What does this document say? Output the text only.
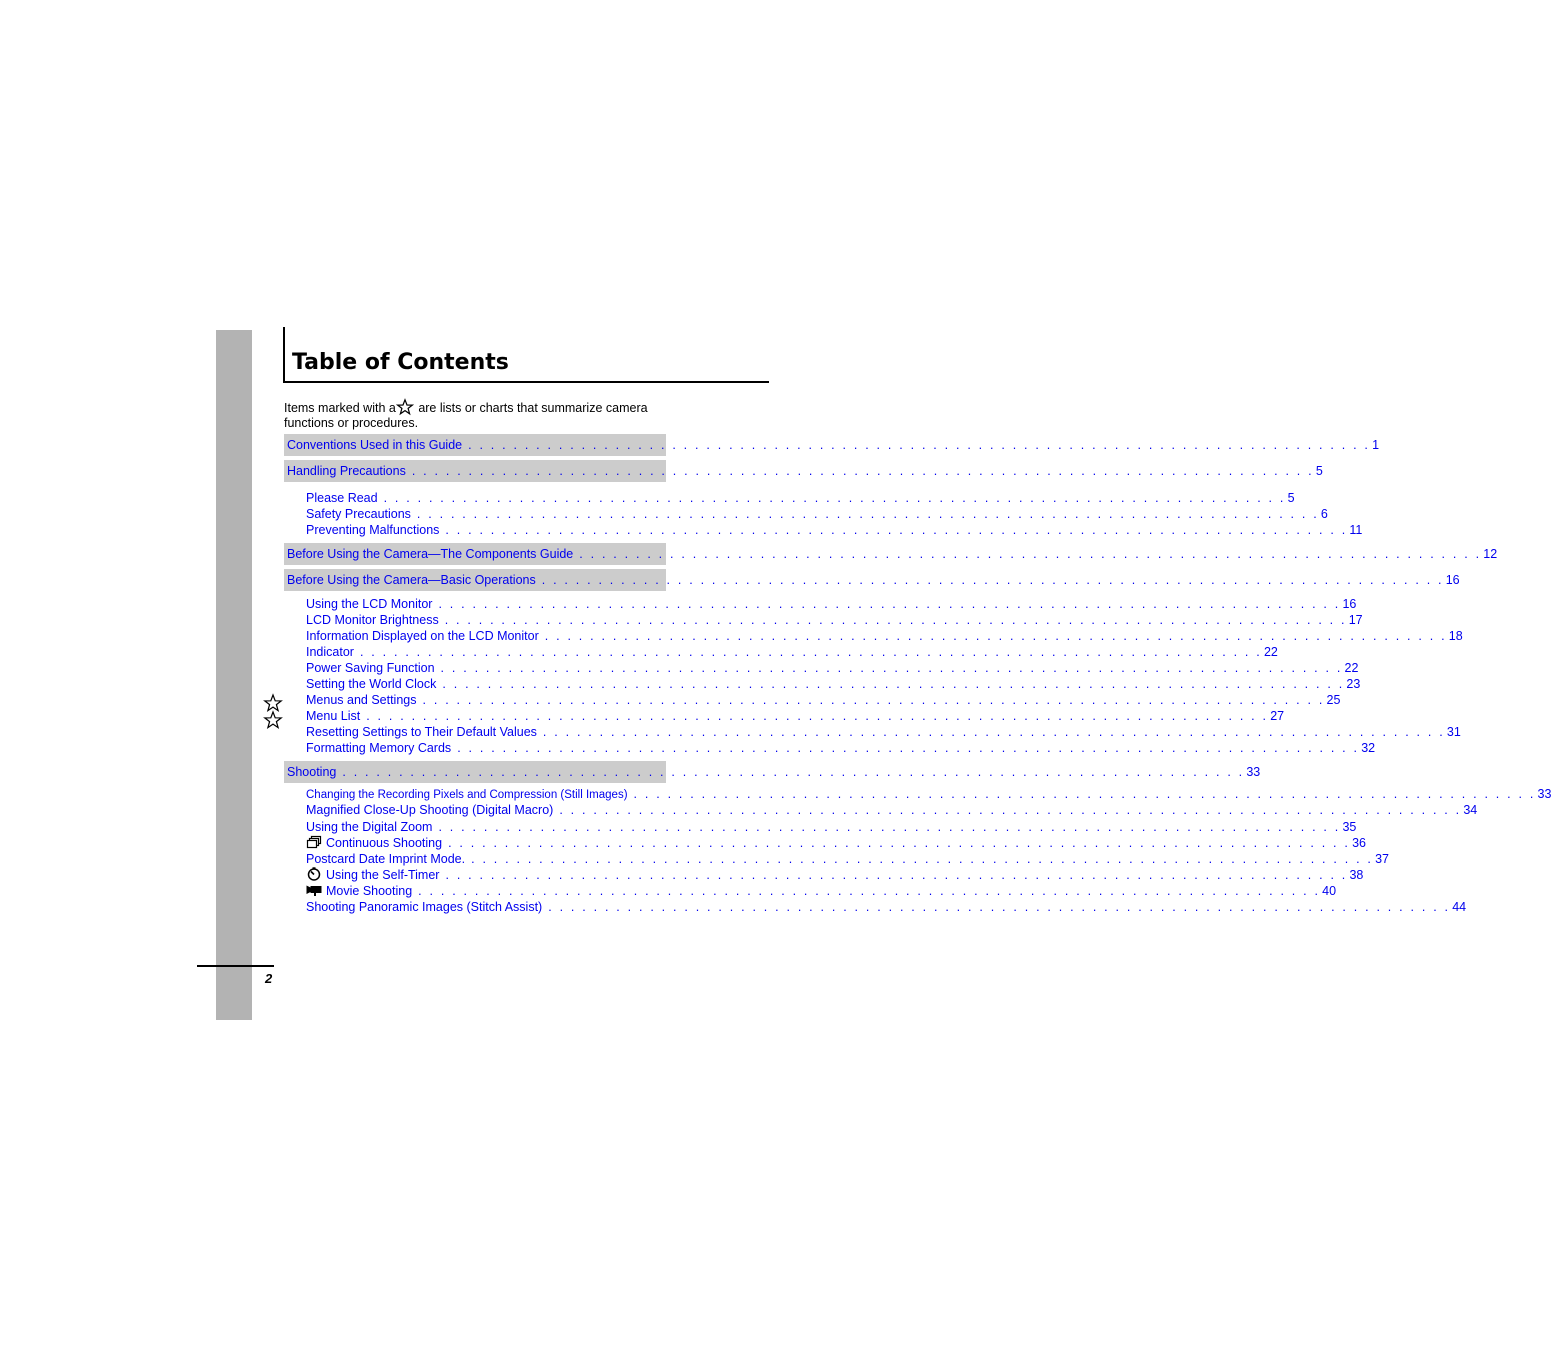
Table of Contents
Items marked with a are lists or charts that summarize camera functions or procedures.
Conventions Used in this Guide . . . . . . . . . . . . . . . . . . . . . . . . . . . . . . . . . . . . . . . . . . . . . . . . . . . . . . . . . . . . . . . . . . . . . . . . . . . . . . . . 1
Handling Precautions . . . . . . . . . . . . . . . . . . . . . . . . . . . . . . . . . . . . . . . . . . . . . . . . . . . . . . . . . . . . . . . . . . . . . . . . . . . . . . . . 5
Please Read . . . . . . . . . . . . . . . . . . . . . . . . . . . . . . . . . . . . . . . . . . . . . . . . . . . . . . . . . . . . . . . . . . . . . . . . . . . . . . . . 5
Safety Precautions . . . . . . . . . . . . . . . . . . . . . . . . . . . . . . . . . . . . . . . . . . . . . . . . . . . . . . . . . . . . . . . . . . . . . . . . . . . . . . . . 6
Preventing Malfunctions . . . . . . . . . . . . . . . . . . . . . . . . . . . . . . . . . . . . . . . . . . . . . . . . . . . . . . . . . . . . . . . . . . . . . . . . . . . . . . . . 11
Before Using the Camera—The Components Guide . . . . . . . . . . . . . . . . . . . . . . . . . . . . . . . . . . . . . . . . . . . . . . . . . . . . . . . . . . . . . . . . . . . . . . . . . . . . . . . . 12
Before Using the Camera—Basic Operations . . . . . . . . . . . . . . . . . . . . . . . . . . . . . . . . . . . . . . . . . . . . . . . . . . . . . . . . . . . . . . . . . . . . . . . . . . . . . . . . 16
Using the LCD Monitor . . . . . . . . . . . . . . . . . . . . . . . . . . . . . . . . . . . . . . . . . . . . . . . . . . . . . . . . . . . . . . . . . . . . . . . . . . . . . . . . 16
LCD Monitor Brightness . . . . . . . . . . . . . . . . . . . . . . . . . . . . . . . . . . . . . . . . . . . . . . . . . . . . . . . . . . . . . . . . . . . . . . . . . . . . . . . . 17
Information Displayed on the LCD Monitor . . . . . . . . . . . . . . . . . . . . . . . . . . . . . . . . . . . . . . . . . . . . . . . . . . . . . . . . . . . . . . . . . . . . . . . . . . . . . . . . 18
Indicator . . . . . . . . . . . . . . . . . . . . . . . . . . . . . . . . . . . . . . . . . . . . . . . . . . . . . . . . . . . . . . . . . . . . . . . . . . . . . . . . 22
Power Saving Function . . . . . . . . . . . . . . . . . . . . . . . . . . . . . . . . . . . . . . . . . . . . . . . . . . . . . . . . . . . . . . . . . . . . . . . . . . . . . . . . 22
Setting the World Clock . . . . . . . . . . . . . . . . . . . . . . . . . . . . . . . . . . . . . . . . . . . . . . . . . . . . . . . . . . . . . . . . . . . . . . . . . . . . . . . . 23
Menus and Settings . . . . . . . . . . . . . . . . . . . . . . . . . . . . . . . . . . . . . . . . . . . . . . . . . . . . . . . . . . . . . . . . . . . . . . . . . . . . . . . . 25
Menu List . . . . . . . . . . . . . . . . . . . . . . . . . . . . . . . . . . . . . . . . . . . . . . . . . . . . . . . . . . . . . . . . . . . . . . . . . . . . . . . . 27
Resetting Settings to Their Default Values . . . . . . . . . . . . . . . . . . . . . . . . . . . . . . . . . . . . . . . . . . . . . . . . . . . . . . . . . . . . . . . . . . . . . . . . . . . . . . . . 31
Formatting Memory Cards . . . . . . . . . . . . . . . . . . . . . . . . . . . . . . . . . . . . . . . . . . . . . . . . . . . . . . . . . . . . . . . . . . . . . . . . . . . . . . . . 32
Shooting . . . . . . . . . . . . . . . . . . . . . . . . . . . . . . . . . . . . . . . . . . . . . . . . . . . . . . . . . . . . . . . . . . . . . . . . . . . . . . . . 33
Changing the Recording Pixels and Compression (Still Images) . . . . . . . . . . . . . . . . . . . . . . . . . . . . . . . . . . . . . . . . . . . . . . . . . . . . . . . . . . . . . . . . . . . . . . . . . . . . . . . . 33
Magnified Close-Up Shooting (Digital Macro) . . . . . . . . . . . . . . . . . . . . . . . . . . . . . . . . . . . . . . . . . . . . . . . . . . . . . . . . . . . . . . . . . . . . . . . . . . . . . . . . 34
Using the Digital Zoom . . . . . . . . . . . . . . . . . . . . . . . . . . . . . . . . . . . . . . . . . . . . . . . . . . . . . . . . . . . . . . . . . . . . . . . . . . . . . . . . 35
Continuous Shooting . . . . . . . . . . . . . . . . . . . . . . . . . . . . . . . . . . . . . . . . . . . . . . . . . . . . . . . . . . . . . . . . . . . . . . . . . . . . . . . . 36
Postcard Date Imprint Mode. . . . . . . . . . . . . . . . . . . . . . . . . . . . . . . . . . . . . . . . . . . . . . . . . . . . . . . . . . . . . . . . . . . . . . . . . . . . . . . . . 37
Using the Self-Timer . . . . . . . . . . . . . . . . . . . . . . . . . . . . . . . . . . . . . . . . . . . . . . . . . . . . . . . . . . . . . . . . . . . . . . . . . . . . . . . . 38
Movie Shooting . . . . . . . . . . . . . . . . . . . . . . . . . . . . . . . . . . . . . . . . . . . . . . . . . . . . . . . . . . . . . . . . . . . . . . . . . . . . . . . . 40
Shooting Panoramic Images (Stitch Assist) . . . . . . . . . . . . . . . . . . . . . . . . . . . . . . . . . . . . . . . . . . . . . . . . . . . . . . . . . . . . . . . . . . . . . . . . . . . . . . . . 44
2
